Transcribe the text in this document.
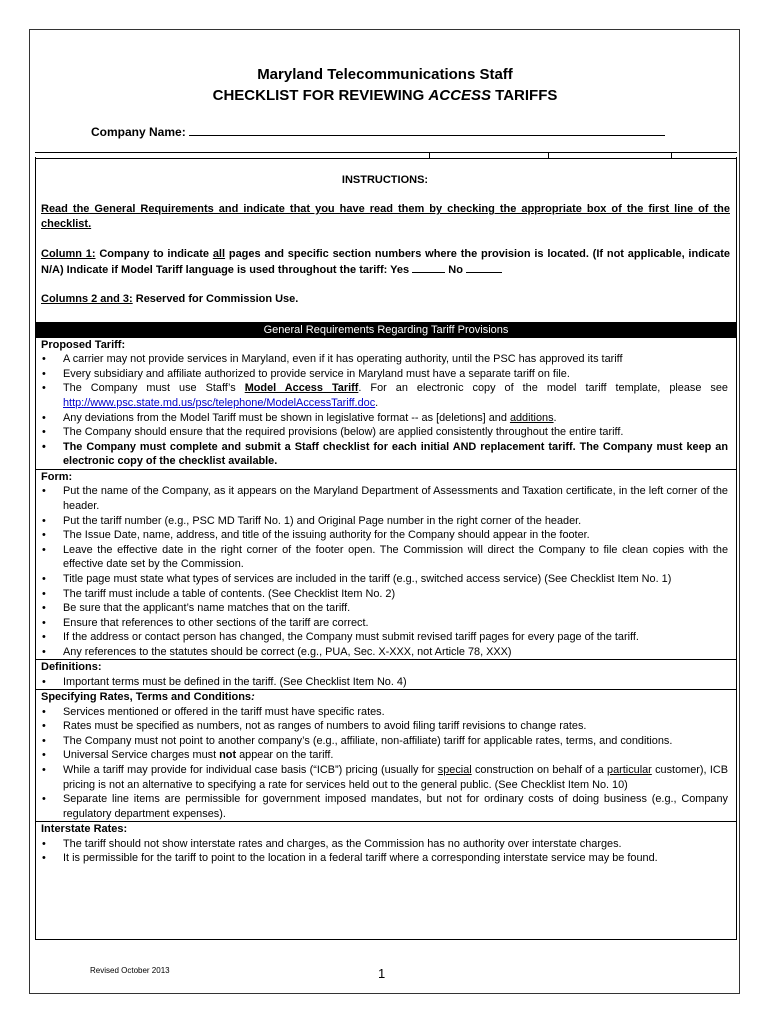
Maryland Telecommunications Staff
CHECKLIST FOR REVIEWING ACCESS TARIFFS
Company Name:
INSTRUCTIONS:
Read the General Requirements and indicate that you have read them by checking the appropriate box of the first line of the checklist.
Column 1: Company to indicate all pages and specific section numbers where the provision is located. (If not applicable, indicate N/A) Indicate if Model Tariff language is used throughout the tariff: Yes	No
Columns 2 and 3: Reserved for Commission Use.
General Requirements Regarding Tariff Provisions
Proposed Tariff:
• A carrier may not provide services in Maryland, even if it has operating authority, until the PSC has approved its tariff
• Every subsidiary and affiliate authorized to provide service in Maryland must have a separate tariff on file.
• The Company must use Staff’s Model Access Tariff. For an electronic copy of the model tariff template, please see http://www.psc.state.md.us/psc/telephone/ModelAccessTariff.doc.
• Any deviations from the Model Tariff must be shown in legislative format -- as [deletions] and additions.
• The Company should ensure that the required provisions (below) are applied consistently throughout the entire tariff.
• The Company must complete and submit a Staff checklist for each initial AND replacement tariff. The Company must keep an electronic copy of the checklist available.
Form:
• Put the name of the Company, as it appears on the Maryland Department of Assessments and Taxation certificate, in the left corner of the header.
• Put the tariff number (e.g., PSC MD Tariff No. 1) and Original Page number in the right corner of the header.
• The Issue Date, name, address, and title of the issuing authority for the Company should appear in the footer.
• Leave the effective date in the right corner of the footer open. The Commission will direct the Company to file clean copies with the effective date set by the Commission.
• Title page must state what types of services are included in the tariff (e.g., switched access service) (See Checklist Item No. 1)
• The tariff must include a table of contents. (See Checklist Item No. 2)
• Be sure that the applicant’s name matches that on the tariff.
• Ensure that references to other sections of the tariff are correct.
• If the address or contact person has changed, the Company must submit revised tariff pages for every page of the tariff.
• Any references to the statutes should be correct (e.g., PUA, Sec. X-XXX, not Article 78, XXX)
Definitions:
• Important terms must be defined in the tariff. (See Checklist Item No. 4)
Specifying Rates, Terms and Conditions:
• Services mentioned or offered in the tariff must have specific rates.
• Rates must be specified as numbers, not as ranges of numbers to avoid filing tariff revisions to change rates.
• The Company must not point to another company’s (e.g., affiliate, non-affiliate) tariff for applicable rates, terms, and conditions.
• Universal Service charges must not appear on the tariff.
• While a tariff may provide for individual case basis (“ICB”) pricing (usually for special construction on behalf of a particular customer), ICB pricing is not an alternative to specifying a rate for services held out to the general public. (See Checklist Item No. 10)
• Separate line items are permissible for government imposed mandates, but not for ordinary costs of doing business (e.g., Company regulatory department expenses).
Interstate Rates:
• The tariff should not show interstate rates and charges, as the Commission has no authority over interstate charges.
• It is permissible for the tariff to point to the location in a federal tariff where a corresponding interstate service may be found.
Revised October 2013	1
